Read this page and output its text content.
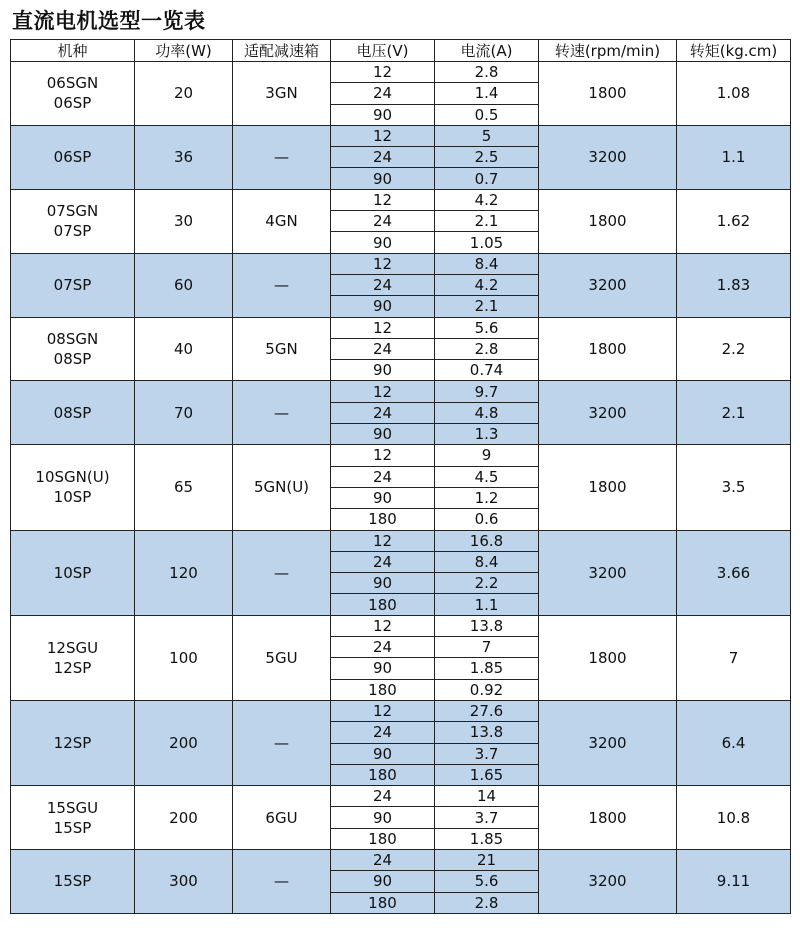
直流电机选型一览表
机种	功率(W)	适配减速箱	电压(V)	电流(A)	转速(rpm/min)	转矩(kg.cm)

06SGN
06SP	20	3GN	12	2.8	1800	1.08
			24	1.4		
			90	0.5		

06SP	36	—	12	5	3200	1.1
			24	2.5		
			90	0.7		

07SGN
07SP	30	4GN	12	4.2	1800	1.62
			24	2.1		
			90	1.05		

07SP	60	—	12	8.4	3200	1.83
			24	4.2		
			90	2.1		

08SGN
08SP	40	5GN	12	5.6	1800	2.2
			24	2.8		
			90	0.74		

08SP	70	—	12	9.7	3200	2.1
			24	4.8		
			90	1.3		

10SGN(U)
10SP	65	5GN(U)	12	9	1800	3.5
			24	4.5		
			90	1.2		
			180	0.6		

10SP	120	—	12	16.8	3200	3.66
			24	8.4		
			90	2.2		
			180	1.1		

12SGU
12SP	100	5GU	12	13.8	1800	7
			24	7		
			90	1.85		
			180	0.92		

12SP	200	—	12	27.6	3200	6.4
			24	13.8		
			90	3.7		
			180	1.65		

15SGU
15SP	200	6GU	24	14	1800	10.8
			90	3.7		
			180	1.85		

15SP	300	—	24	21	3200	9.11
			90	5.6		
			180	2.8		
